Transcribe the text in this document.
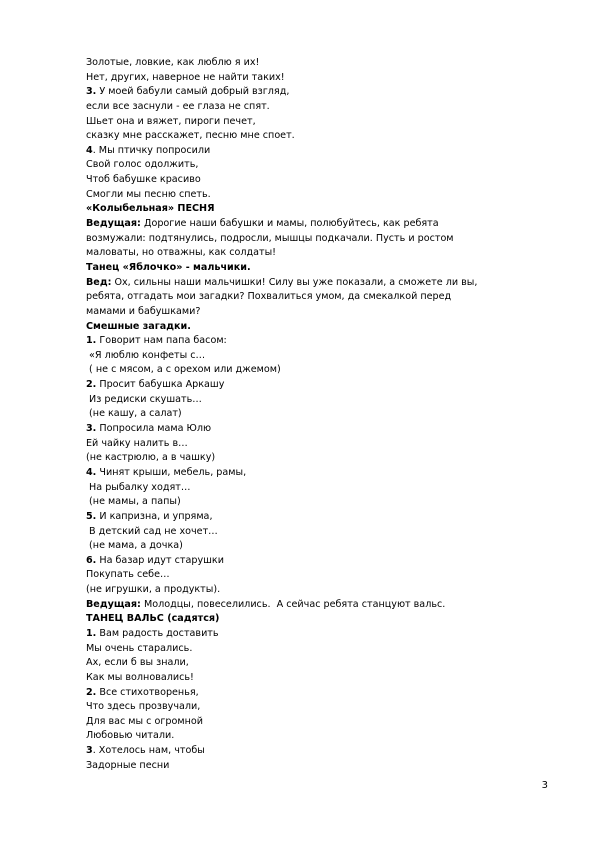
Золотые, ловкие, как люблю я их!
Нет, других, наверное не найти таких!
3. У моей бабули самый добрый взгляд,
если все заснули - ее глаза не спят.
Шьет она и вяжет, пироги печет,
сказку мне расскажет, песню мне споет.
4. Мы птичку попросили
Свой голос одолжить,
Чтоб бабушке красиво
Смогли мы песню спеть.
«Колыбельная» ПЕСНЯ
Ведущая: Дорогие наши бабушки и мамы, полюбуйтесь, как ребята
возмужали: подтянулись, подросли, мышцы подкачали. Пусть и ростом
маловаты, но отважны, как солдаты!
Танец «Яблочко» - мальчики.
Вед: Ох, сильны наши мальчишки! Силу вы уже показали, а сможете ли вы,
ребята, отгадать мои загадки? Похвалиться умом, да смекалкой перед
мамами и бабушками?
Смешные загадки.
1. Говорит нам папа басом:
«Я люблю конфеты с…
( не с мясом, а с орехом или джемом)
2. Просит бабушка Аркашу
Из редиски скушать…
(не кашу, а салат)
3. Попросила мама Юлю
Ей чайку налить в…
(не кастрюлю, а в чашку)
4. Чинят крыши, мебель, рамы,
На рыбалку ходят…
(не мамы, а папы)
5. И капризна, и упряма,
В детский сад не хочет…
(не мама, а дочка)
6. На базар идут старушки
Покупать себе…
(не игрушки, а продукты).
Ведущая: Молодцы, повеселились.  А сейчас ребята станцуют вальс.
ТАНЕЦ ВАЛЬС (садятся)
1. Вам радость доставить
Мы очень старались.
Ах, если б вы знали,
Как мы волновались!
2. Все стихотворенья,
Что здесь прозвучали,
Для вас мы с огромной
Любовью читали.
3. Хотелось нам, чтобы
Задорные песни
3
